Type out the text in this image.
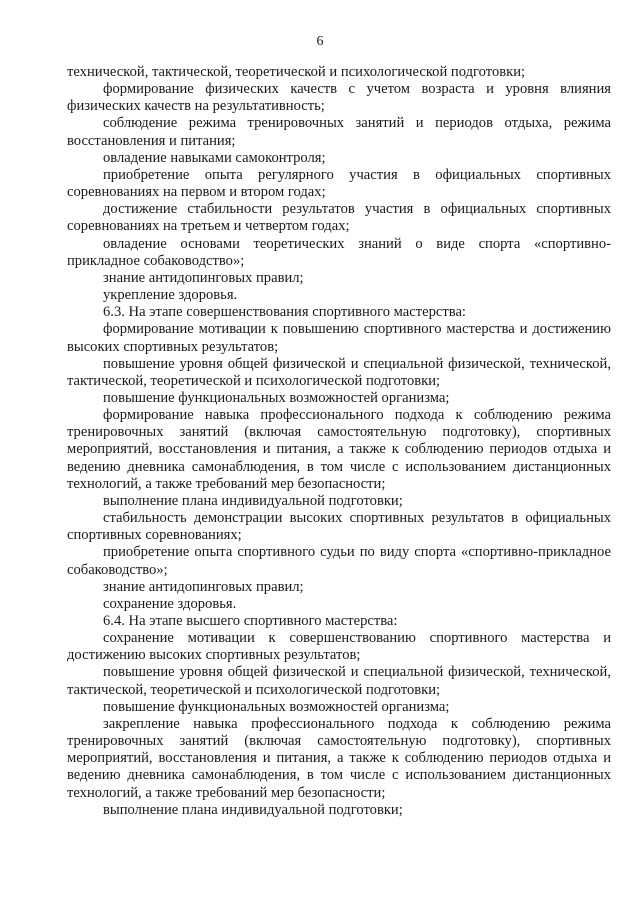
6

технической, тактической, теоретической и психологической подготовки;

формирование физических качеств с учетом возраста и уровня влияния физических качеств на результативность;

соблюдение режима тренировочных занятий и периодов отдыха, режима восстановления и питания;

овладение навыками самоконтроля;

приобретение опыта регулярного участия в официальных спортивных соревнованиях на первом и втором годах;

достижение стабильности результатов участия в официальных спортивных соревнованиях на третьем и четвертом годах;

овладение основами теоретических знаний о виде спорта «спортивно-прикладное собаководство»;

знание антидопинговых правил;

укрепление здоровья.

6.3. На этапе совершенствования спортивного мастерства:

формирование мотивации к повышению спортивного мастерства и достижению высоких спортивных результатов;

повышение уровня общей физической и специальной физической, технической, тактической, теоретической и психологической подготовки;

повышение функциональных возможностей организма;

формирование навыка профессионального подхода к соблюдению режима тренировочных занятий (включая самостоятельную подготовку), спортивных мероприятий, восстановления и питания, а также к соблюдению периодов отдыха и ведению дневника самонаблюдения, в том числе с использованием дистанционных технологий, а также требований мер безопасности;

выполнение плана индивидуальной подготовки;

стабильность демонстрации высоких спортивных результатов в официальных спортивных соревнованиях;

приобретение опыта спортивного судьи по виду спорта «спортивно-прикладное собаководство»;

знание антидопинговых правил;

сохранение здоровья.

6.4. На этапе высшего спортивного мастерства:

сохранение мотивации к совершенствованию спортивного мастерства и достижению высоких спортивных результатов;

повышение уровня общей физической и специальной физической, технической, тактической, теоретической и психологической подготовки;

повышение функциональных возможностей организма;

закрепление навыка профессионального подхода к соблюдению режима тренировочных занятий (включая самостоятельную подготовку), спортивных мероприятий, восстановления и питания, а также к соблюдению периодов отдыха и ведению дневника самонаблюдения, в том числе с использованием дистанционных технологий, а также требований мер безопасности;

выполнение плана индивидуальной подготовки;
